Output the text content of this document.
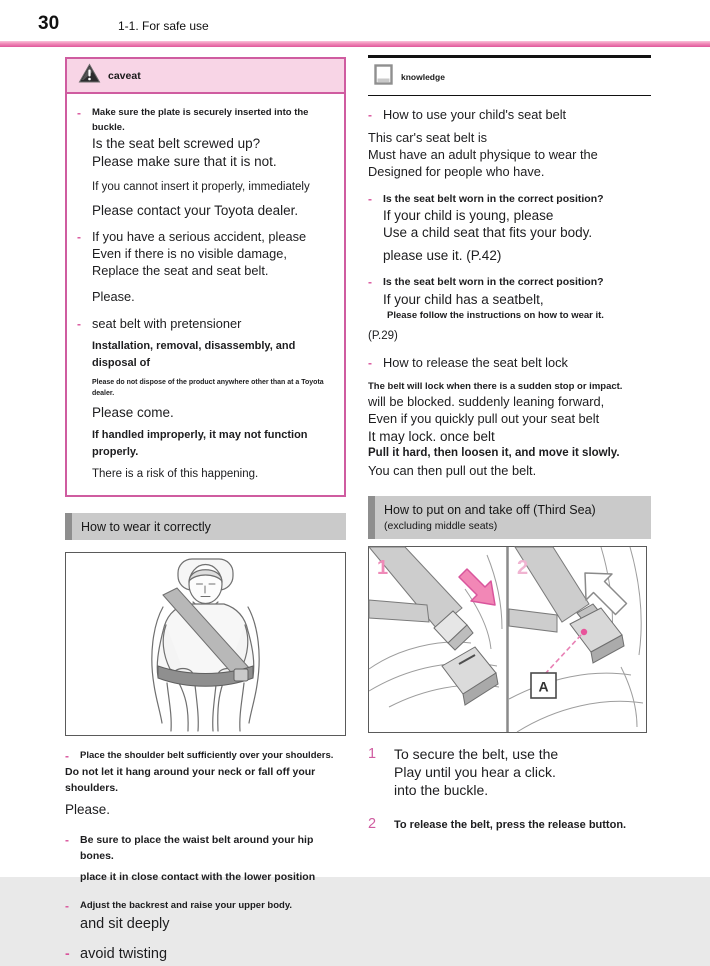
30	1-1. For safe use
caveat
-	Make sure the plate is securely inserted into the buckle.
Is the seat belt screwed up?
Please make sure that it is not.
If you cannot insert it properly, immediately
Please contact your Toyota dealer.
- If you have a serious accident, please
Even if there is no visible damage,
Replace the seat and seat belt.
Please.
- seat belt with pretensioner
Installation, removal, disassembly, and disposal of
Please do not dispose of the product anywhere other than at a Toyota dealer.
Please come.
If handled improperly, it may not function properly.
There is a risk of this happening.
How to wear it correctly
-	Place the shoulder belt sufficiently over your shoulders.
Do not let it hang around your neck or fall off your shoulders.
Please.
-	Be sure to place the waist belt around your hip bones.
place it in close contact with the lower position
-	Adjust the backrest and raise your upper body.
and sit deeply
- avoid twisting
knowledge
- How to use your child's seat belt
This car's seat belt is
Must have an adult physique to wear the
Designed for people who have.
-	Is the seat belt worn in the correct position?
If your child is young, please
Use a child seat that fits your body.
please use it. (P.42)
-	Is the seat belt worn in the correct position?
If your child has a seatbelt,
Please follow the instructions on how to wear it.
(P.29)
- How to release the seat belt lock
The belt will lock when there is a sudden stop or impact.
will be blocked. suddenly leaning forward,
Even if you quickly pull out your seat belt
It may lock. once belt
Pull it hard, then loosen it, and move it slowly.
You can then pull out the belt.
How to put on and take off (Third Sea)
(excluding middle seats)
1
A
2
1	To secure the belt, use the
Play until you hear a click.
into the buckle.
2	To release the belt, press the release button.
